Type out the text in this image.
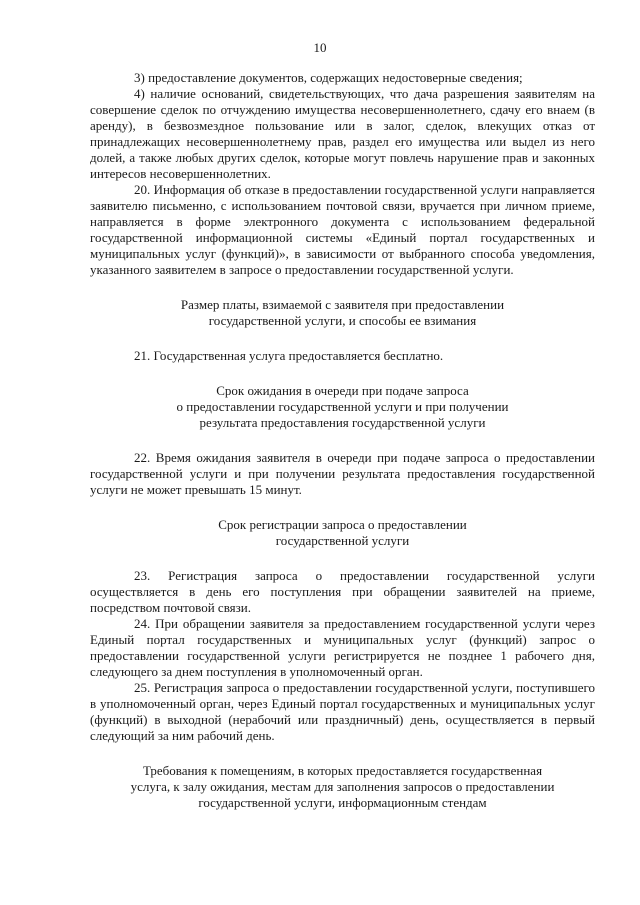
10

3) предоставление документов, содержащих недостоверные сведения;

4) наличие оснований, свидетельствующих, что дача разрешения заявителям на совершение сделок по отчуждению имущества несовершеннолетнего, сдачу его внаем (в аренду), в безвозмездное пользование или в залог, сделок, влекущих отказ от принадлежащих несовершеннолетнему прав, раздел его имущества или выдел из него долей, а также любых других сделок, которые могут повлечь нарушение прав и законных интересов несовершеннолетних.

20. Информация об отказе в предоставлении государственной услуги направляется заявителю письменно, с использованием почтовой связи, вручается при личном приеме, направляется в форме электронного документа с использованием федеральной государственной информационной системы «Единый портал государственных и муниципальных услуг (функций)», в зависимости от выбранного способа уведомления, указанного заявителем в запросе о предоставлении государственной услуги.

Размер платы, взимаемой с заявителя при предоставлении

государственной услуги, и способы ее взимания

21. Государственная услуга предоставляется бесплатно.

Срок ожидания в очереди при подаче запроса

о предоставлении государственной услуги и при получении

результата предоставления государственной услуги

22. Время ожидания заявителя в очереди при подаче запроса о предоставлении государственной услуги и при получении результата предоставления государственной услуги не может превышать 15 минут.

Срок регистрации запроса о предоставлении

государственной услуги

23. Регистрация запроса о предоставлении государственной услуги осуществляется в день его поступления при обращении заявителей на приеме, посредством почтовой связи.

24. При обращении заявителя за предоставлением государственной услуги через Единый портал государственных и муниципальных услуг (функций) запрос о предоставлении государственной услуги регистрируется не позднее 1 рабочего дня, следующего за днем поступления в уполномоченный орган.

25. Регистрация запроса о предоставлении государственной услуги, поступившего в уполномоченный орган, через Единый портал государственных и муниципальных услуг (функций) в выходной (нерабочий или праздничный) день, осуществляется в первый следующий за ним рабочий день.

Требования к помещениям, в которых предоставляется государственная

услуга, к залу ожидания, местам для заполнения запросов о предоставлении

государственной услуги, информационным стендам
